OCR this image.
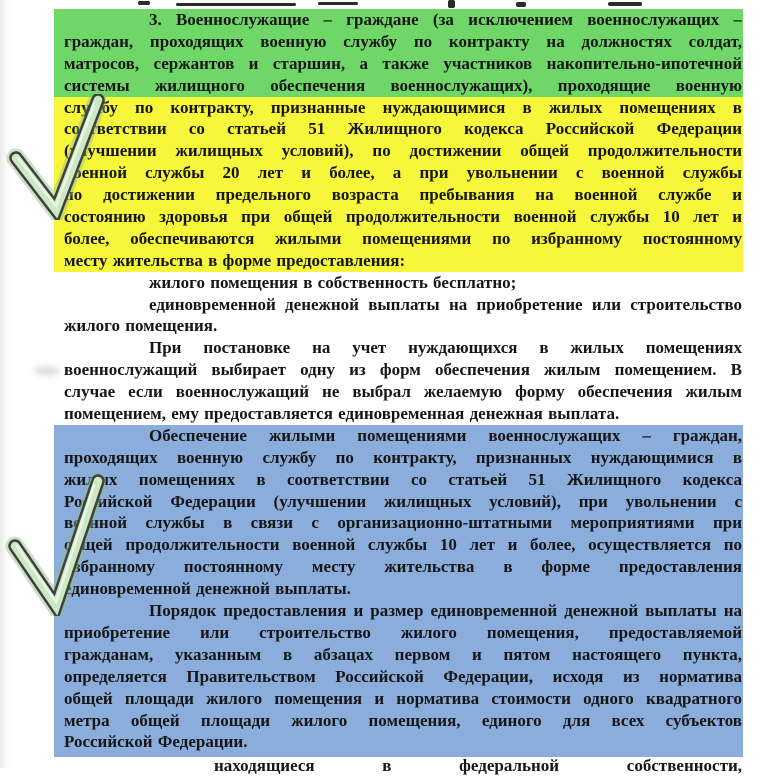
3. Военнослужащие – граждане (за исключением военнослужащих –
граждан, проходящих военную службу по контракту на должностях солдат,
матросов, сержантов и старшин, а также участников накопительно-ипотечной
системы жилищного обеспечения военнослужащих), проходящие военную
службу по контракту, признанные нуждающимися в жилых помещениях в
соответствии со статьей 51 Жилищного кодекса Российской Федерации
(улучшении жилищных условий), по достижении общей продолжительности
военной службы 20 лет и более, а при увольнении с военной службы
по достижении предельного возраста пребывания на военной службе и
состоянию здоровья при общей продолжительности военной службы 10 лет и
более, обеспечиваются жилыми помещениями по избранному постоянному
месту жительства в форме предоставления:
жилого помещения в собственность бесплатно;
единовременной денежной выплаты на приобретение или строительство
жилого помещения.
При постановке на учет нуждающихся в жилых помещениях
военнослужащий выбирает одну из форм обеспечения жилым помещением. В
случае если военнослужащий не выбрал желаемую форму обеспечения жилым
помещением, ему предоставляется единовременная денежная выплата.
Обеспечение жилыми помещениями военнослужащих – граждан,
проходящих военную службу по контракту, признанных нуждающимися в
жилых помещениях в соответствии со статьей 51 Жилищного кодекса
Российской Федерации (улучшении жилищных условий), при увольнении с
военной службы в связи с организационно-штатными мероприятиями при
общей продолжительности военной службы 10 лет и более, осуществляется по
избранному постоянному месту жительства в форме предоставления
единовременной денежной выплаты.
Порядок предоставления и размер единовременной денежной выплаты на
приобретение или строительство жилого помещения, предоставляемой
гражданам, указанным в абзацах первом и пятом настоящего пункта,
определяется Правительством Российской Федерации, исходя из норматива
общей площади жилого помещения и норматива стоимости одного квадратного
метра общей площади жилого помещения, единого для всех субъектов
Российской Федерации.
находящиеся в федеральной собственности,
